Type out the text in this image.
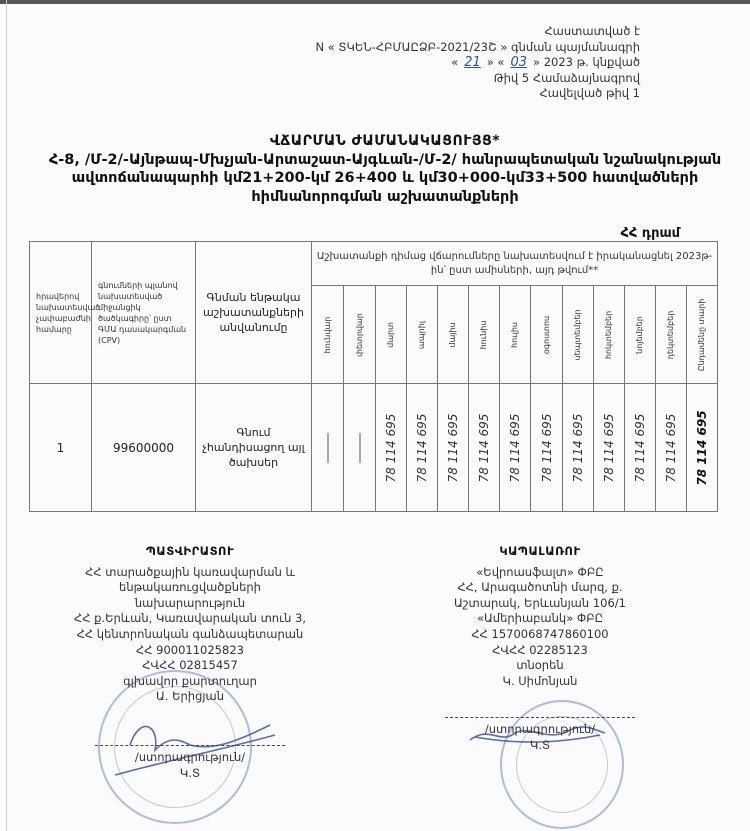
Հաստատված է
N « ՏԿԵՆ-ՀԲՄԱԸՁԲ-2021/23Շ » գնման պայմանագրի
« 21 » « 03 » 2023 թ. կնքված
Թիվ 5 Համաձայնագրով
Հավելված թիվ 1
ՎՃԱՐՄԱՆ ԺԱՄԱՆԱԿԱՑՈՒՅՑ*
Հ-8, /Մ-2/-Այնթապ-Մխչյան-Արտաշատ-Այգևան-/Մ-2/ հանրապետական նշանակության
ավտոճանապարհի կմ21+200-կմ 26+400 և կմ30+000-կմ33+500 հատվածների
հիմնանորոգման աշխատանքների
ՀՀ դրամ
հրավերով նախատեսված չափաբաժնի համարը	գնումների պլանով նախատեսված միջանցիկ ծածկագիրը՝ ըստ ԳՄԱ դասակարգման (CPV)	Գնման ենթակա աշխատանքների անվանումը	Աշխատանքի դիմաց վճարումները նախատեսվում է իրականացնել 2023թ-ին՝ ըստ ամիսների, այդ թվում**												

			հունվար	փետրվար	մարտ	ապրիլ	մայիս	հունիս	հուլիս	օգոստոս	սեպտեմբեր	հոկտեմբեր	նոյեմբեր	դեկտեմբեր	Ընդամենը տարի

1	99600000	Գնում չհանդիսացող այլ ծախսեր			78 114 695	78 114 695	78 114 695	78 114 695	78 114 695	78 114 695	78 114 695	78 114 695	78 114 695	78 114 695	78 114 695
ՊԱՏՎԻՐԱՏՈՒ
ՀՀ տարածքային կառավարման և
ենթակառուցվածքների
նախարարություն
ՀՀ ք.Երևան, Կառավարական տուն 3,
ՀՀ կենտրոնական գանձապետարան
ՀՀ 900011025823
ՀՎՀՀ 02815457
գլխավոր քարտուղար
Ա. Երիցյան
/ստորագրություն/
Կ.Տ
ԿԱՊԱԼԱՌՈՒ
«Եվրոասֆալտ» ՓԲԸ
ՀՀ, Արագածոտնի մարզ, ք.
Աշտարակ, Երևանյան 106/1
«Ամերիաբանկ» ՓԲԸ
ՀՀ 1570068747860100
ՀՎՀՀ 02285123
տնօրեն
Կ. Սիմոնյան
/ստորագրություն/
Կ.Տ
